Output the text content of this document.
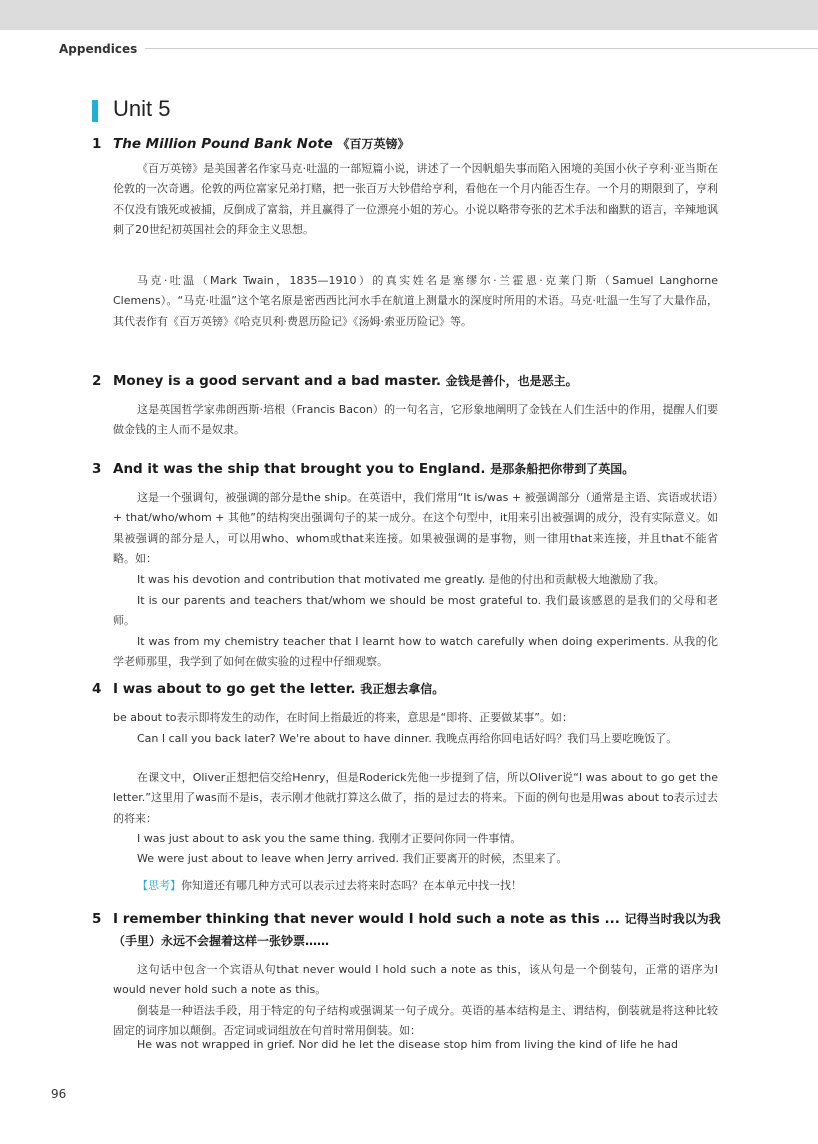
Appendices
Unit 5
1 The Million Pound Bank Note 《百万英镑》

《百万英镑》是美国著名作家马克·吐温的一部短篇小说，讲述了一个因帆船失事而陷入困境的美国小伙子亨利·亚当斯在伦敦的一次奇遇。伦敦的两位富家兄弟打赌，把一张百万大钞借给亨利，看他在一个月内能否生存。一个月的期限到了，亨利不仅没有饿死或被捕，反倒成了富翁，并且赢得了一位漂亮小姐的芳心。小说以略带夸张的艺术手法和幽默的语言，辛辣地讽刺了20世纪初英国社会的拜金主义思想。

马克·吐温（Mark Twain，1835—1910）的真实姓名是塞缪尔·兰霍恩·克莱门斯（Samuel Langhorne Clemens）。“马克·吐温”这个笔名原是密西西比河水手在航道上测量水的深度时所用的术语。马克·吐温一生写了大量作品，其代表作有《百万英镑》《哈克贝利·费恩历险记》《汤姆·索亚历险记》等。

2 Money is a good servant and a bad master. 金钱是善仆，也是恶主。

这是英国哲学家弗朗西斯·培根（Francis Bacon）的一句名言，它形象地阐明了金钱在人们生活中的作用，提醒人们要做金钱的主人而不是奴隶。

3 And it was the ship that brought you to England. 是那条船把你带到了英国。

这是一个强调句，被强调的部分是the ship。在英语中，我们常用“It is/was + 被强调部分（通常是主语、宾语或状语）+ that/who/whom + 其他”的结构突出强调句子的某一成分。在这个句型中，it用来引出被强调的成分，没有实际意义。如果被强调的部分是人，可以用who、whom或that来连接。如果被强调的是事物，则一律用that来连接，并且that不能省略。如：

It was his devotion and contribution that motivated me greatly. 是他的付出和贡献极大地激励了我。

It is our parents and teachers that/whom we should be most grateful to. 我们最该感恩的是我们的父母和老师。

It was from my chemistry teacher that I learnt how to watch carefully when doing experiments. 从我的化学老师那里，我学到了如何在做实验的过程中仔细观察。

4 I was about to go get the letter. 我正想去拿信。

be about to表示即将发生的动作，在时间上指最近的将来，意思是“即将、正要做某事”。如：

Can I call you back later? We're about to have dinner. 我晚点再给你回电话好吗？我们马上要吃晚饭了。

在课文中，Oliver正想把信交给Henry，但是Roderick先他一步提到了信，所以Oliver说“I was about to go get the letter.”这里用了was而不是is，表示刚才他就打算这么做了，指的是过去的将来。下面的例句也是用was about to表示过去的将来：

I was just about to ask you the same thing. 我刚才正要问你同一件事情。

We were just about to leave when Jerry arrived. 我们正要离开的时候，杰里来了。

【思考】你知道还有哪几种方式可以表示过去将来时态吗？在本单元中找一找！
5 I remember thinking that never would I hold such a note as this ... 记得当时我以为我
（手里）永远不会握着这样一张钞票……

这句话中包含一个宾语从句that never would I hold such a note as this，该从句是一个倒装句，正常的语序为I would never hold such a note as this。

倒装是一种语法手段，用于特定的句子结构或强调某一句子成分。英语的基本结构是主、谓结构，倒装就是将这种比较固定的词序加以颠倒。否定词或词组放在句首时常用倒装。如：

He was not wrapped in grief. Nor did he let the disease stop him from living the kind of life he had
96
